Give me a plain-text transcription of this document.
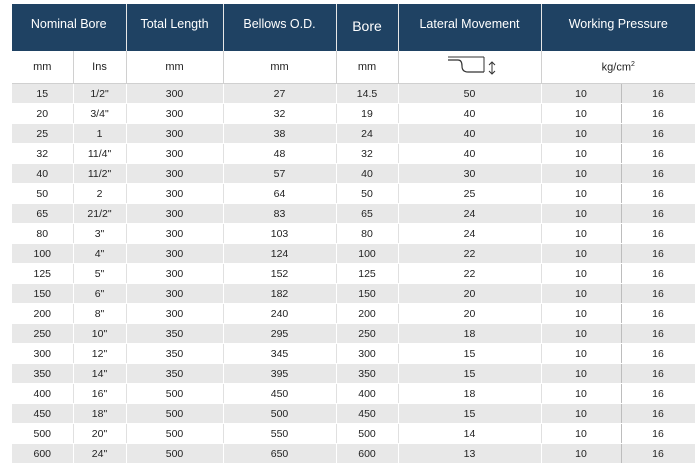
Nominal Bore		Total Length	Bellows O.D.	Bore	Lateral Movement	Working Pressure	

mm	Ins	mm	mm	mm		$kg/cm^2$
15	1/2"	300	27	14.5	50	10	16
20	3/4"	300	32	19	40	10	16
25	1	300	38	24	40	10	16
32	11/4"	300	48	32	40	10	16
40	11/2"	300	57	40	30	10	16
50	2	300	64	50	25	10	16
65	21/2"	300	83	65	24	10	16
80	3"	300	103	80	24	10	16
100	4"	300	124	100	22	10	16
125	5"	300	152	125	22	10	16
150	6"	300	182	150	20	10	16
200	8"	300	240	200	20	10	16
250	10"	350	295	250	18	10	16
300	12"	350	345	300	15	10	16
350	14"	350	395	350	15	10	16
400	16"	500	450	400	18	10	16
450	18"	500	500	450	15	10	16
500	20"	500	550	500	14	10	16
600	24"	500	650	600	13	10	16
